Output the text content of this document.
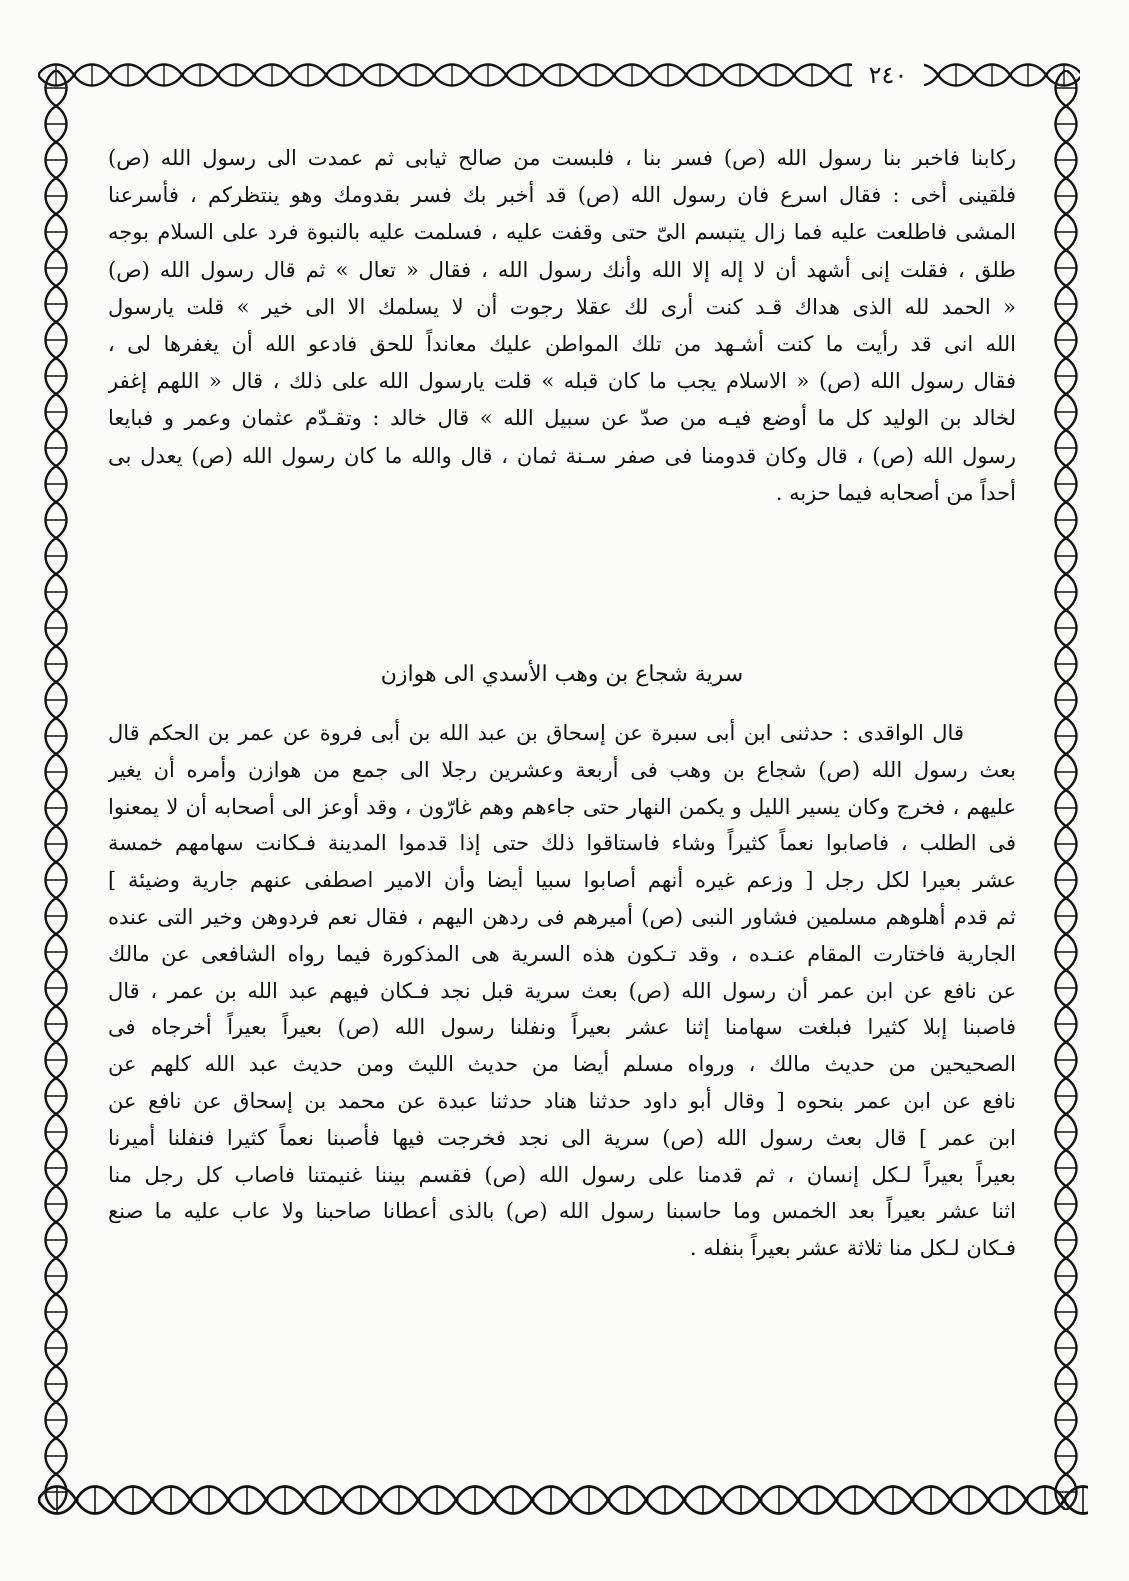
٢٤٠
ركابنا فاخبر بنا رسول الله (ص) فسر بنا ، فلبست من صالح ثيابى ثم عمدت الى رسول الله (ص)
فلقينى أخى : فقال اسرع فان رسول الله (ص) قد أخبر بك فسر بقدومك وهو ينتظركم ، فأسرعنا
المشى فاطلعت عليه فما زال يتبسم الىّ حتى وقفت عليه ، فسلمت عليه بالنبوة فرد على السلام بوجه
طلق ، فقلت إنى أشهد أن لا إله إلا الله وأنك رسول الله ، فقال « تعال » ثم قال رسول الله (ص)
« الحمد لله الذى هداك قـد كنت أرى لك عقلا رجوت أن لا يسلمك الا الى خير » قلت يارسول
الله انى قد رأيت ما كنت أشـهد من تلك المواطن عليك معانداً للحق فادعو الله أن يغفرها لى ،
فقال رسول الله (ص) « الاسلام يجب ما كان قبله » قلت يارسول الله على ذلك ، قال « اللهم إغفر
لخالد بن الوليد كل ما أوضع فيـه من صدّ عن سبيل الله » قال خالد : وتقـدّم عثمان وعمر و فبايعا
رسول الله (ص) ، قال وكان قدومنا فى صفر سـنة ثمان ، قال والله ما كان رسول الله (ص) يعدل بى
أحداً من أصحابه فيما حزبه .
سرية شجاع بن وهب الأسدي الى هوازن
قال الواقدى : حدثنى ابن أبى سبرة عن إسحاق بن عبد الله بن أبى فروة عن عمر بن الحكم قال
بعث رسول الله (ص) شجاع بن وهب فى أربعة وعشرين رجلا الى جمع من هوازن وأمره أن يغير
عليهم ، فخرج وكان يسير الليل و يكمن النهار حتى جاءهم وهم غارّون ، وقد أوعز الى أصحابه أن لا يمعنوا
فى الطلب ، فاصابوا نعماً كثيراً وشاء فاستاقوا ذلك حتى إذا قدموا المدينة فـكانت سهامهم خمسة
عشر بعيرا لكل رجل [ وزعم غيره أنهم أصابوا سبيا أيضا وأن الامير اصطفى عنهم جارية وضيئة ]
ثم قدم أهلوهم مسلمين فشاور النبى (ص) أميرهم فى ردهن اليهم ، فقال نعم فردوهن وخير التى عنده
الجارية فاختارت المقام عنـده ، وقد تـكون هذه السرية هى المذكورة فيما رواه الشافعى عن مالك
عن نافع عن ابن عمر أن رسول الله (ص) بعث سرية قبل نجد فـكان فيهم عبد الله بن عمر ، قال
فاصبنا إبلا كثيرا فبلغت سهامنا إثنا عشر بعيراً ونفلنا رسول الله (ص) بعيراً بعيراً أخرجاه فى
الصحيحين من حديث مالك ، ورواه مسلم أيضا من حديث الليث ومن حديث عبد الله كلهم عن
نافع عن ابن عمر بنحوه [ وقال أبو داود حدثنا هناد حدثنا عبدة عن محمد بن إسحاق عن نافع عن
ابن عمر ] قال بعث رسول الله (ص) سرية الى نجد فخرجت فيها فأصبنا نعماً كثيرا فنفلنا أميرنا
بعيراً بعيراً لـكل إنسان ، ثم قدمنا على رسول الله (ص) فقسم بيننا غنيمتنا فاصاب كل رجل منا
اثنا عشر بعيراً بعد الخمس وما حاسبنا رسول الله (ص) بالذى أعطانا صاحبنا ولا عاب عليه ما صنع
فـكان لـكل منا ثلاثة عشر بعيراً بنفله .
